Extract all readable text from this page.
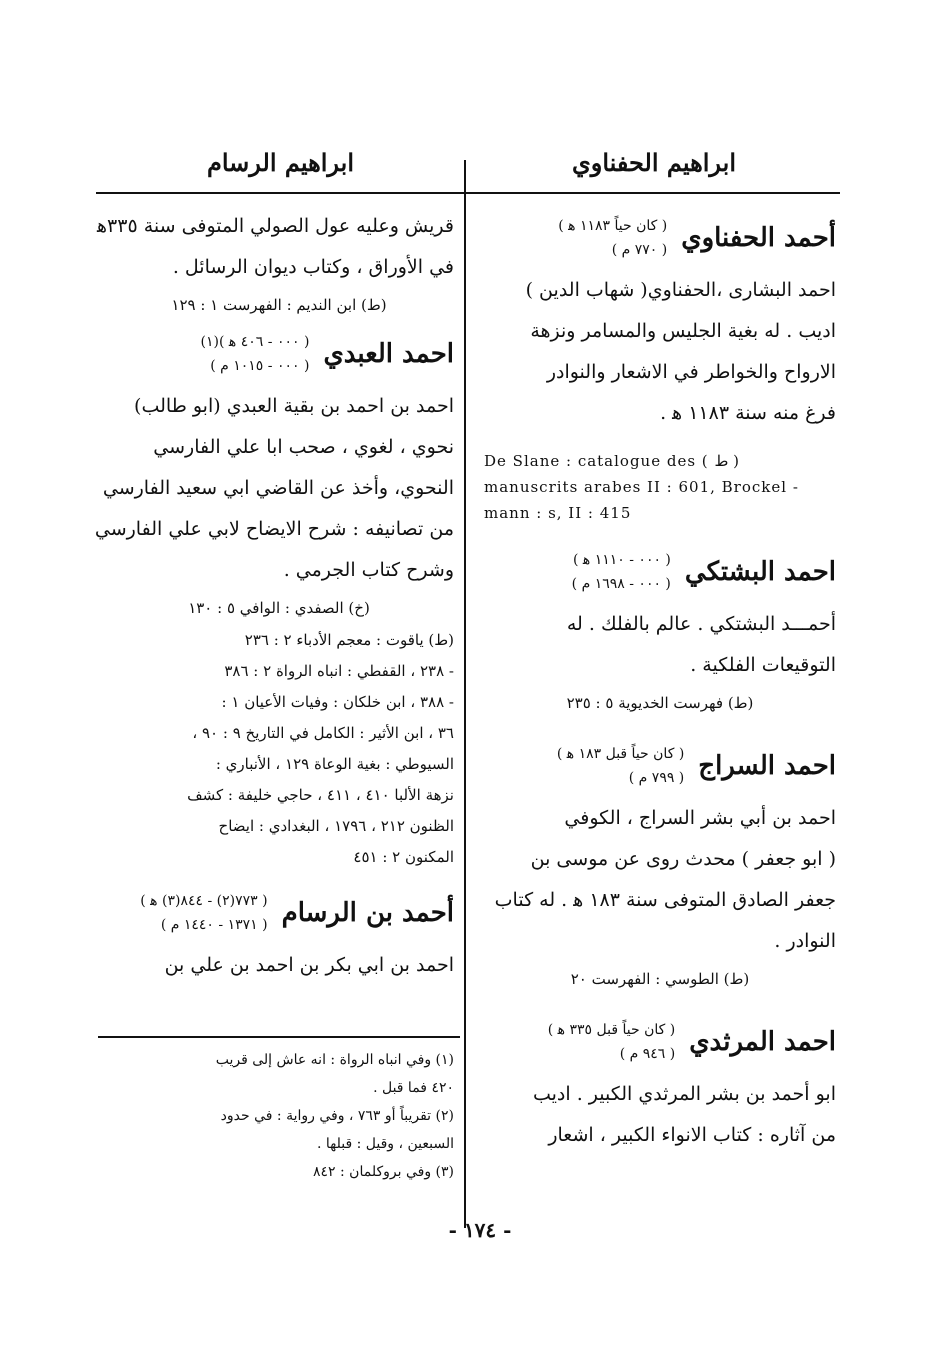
ابراهيم الحفناوي
ابراهيم الرسام
أحمد الحفناوي
( كان حياً ١١٨٣ ﻫ )
( ٧٧٠ م )
احمد البشارى ،الحفناوي( شهاب الدين )
اديب . له بغية الجليس والمسامر ونزهة
الارواح والخواطر في الاشعار والنوادر
فرغ منه سنة ١١٨٣ ﻫ .
De Slane : catalogue des ( ط )
manuscrits arabes II : 601, Brockel -
mann : s, II : 415
احمد البشتكي
( ٠٠٠ - ١١١٠ ﻫ )
( ٠٠٠ - ١٦٩٨ م )
أحمـــد البشتكي . عالم بالفلك . له
التوقيعات الفلكية .
(ط) فهرست الخديوية ٥ : ٢٣٥
احمد السراج
( كان حياً قبل ١٨٣ ﻫ )
( ٧٩٩ م )
احمد بن أبي بشر السراج ، الكوفي
( ابو جعفر ) محدث روى عن موسى بن
جعفر الصادق المتوفى سنة ١٨٣ ﻫ . له كتاب
النوادر .
(ط) الطوسي : الفهرست ٢٠
احمد المرثدي
( كان حياً قبل ٣٣٥ ﻫ )
( ٩٤٦ م )
ابو أحمد بن بشر المرثدي الكبير . اديب
من آثاره : كتاب الانواء الكبير ، اشعار
قريش وعليه عول الصولي المتوفى سنة ٣٣٥ﻫ
في الأوراق ، وكتاب ديوان الرسائل .
(ط) ابن النديم : الفهرست ١ : ١٢٩
احمد العبدي
( ٠٠٠ - ٤٠٦ ﻫ )(١)
( ٠٠٠ - ١٠١٥ م )
احمد بن احمد بن بقية العبدي (ابو طالب)
نحوي ، لغوي ، صحب ابا علي الفارسي
النحوي، وأخذ عن القاضي ابي سعيد الفارسي
من تصانيفه : شرح الايضاح لابي علي الفارسي
وشرح كتاب الجرمي .
(خ) الصفدي : الوافي ٥ : ١٣٠
(ط) ياقوت : معجم الأدباء ٢ : ٢٣٦
- ٢٣٨ ، القفطي : انباه الرواة ٢ : ٣٨٦
- ٣٨٨ ، ابن خلكان : وفيات الأعيان ١ :
٣٦ ، ابن الأثير : الكامل في التاريخ ٩ : ٩٠ ،
السيوطي : بغية الوعاة ١٢٩ ، الأنباري :
نزهة الألبا ٤١٠ ، ٤١١ ، حاجي خليفة : كشف
الظنون ٢١٢ ، ١٧٩٦ ، البغدادي : ايضاح
المكنون ٢ : ٤٥١
أحمد بن الرسام
( ٧٧٣(٢) - ٨٤٤(٣) ﻫ )
( ١٣٧١ - ١٤٤٠ م )
احمد بن ابي بكر بن احمد بن علي بن
(١) وفي انباه الرواة : انه عاش إلى قريب
٤٢٠ فما قبل .
(٢) تقريباً أو ٧٦٣ ، وفي رواية : في حدود
السبعين ، وقيل : قبلها .
(٣) وفي بروكلمان : ٨٤٢
- ١٧٤ -
